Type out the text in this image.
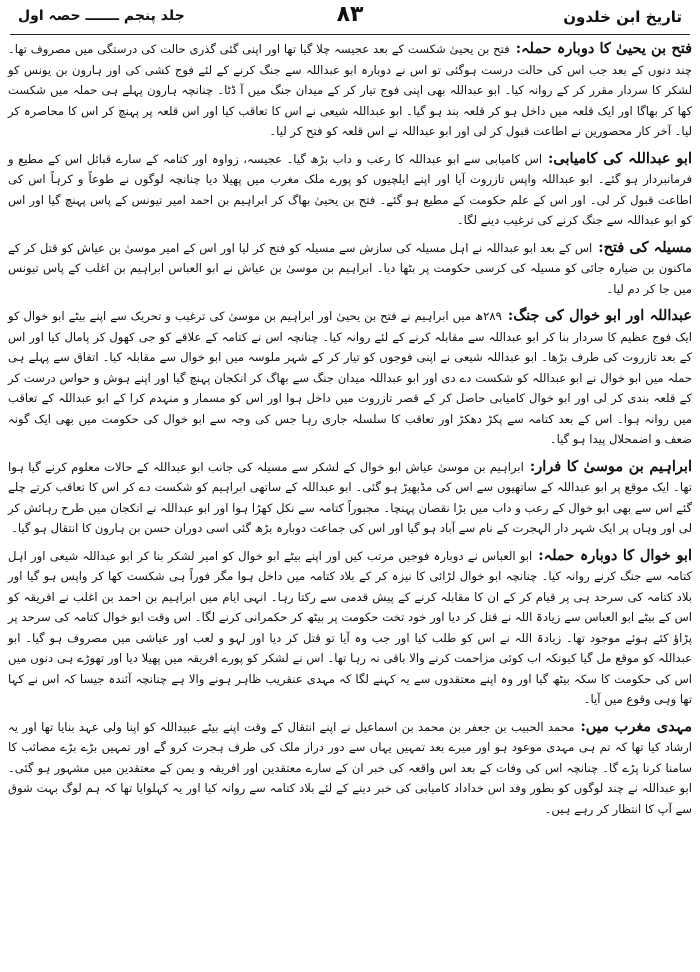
تاریخ ابن خلدون
۸۳
جلد پنجم ـــــــ حصہ اول

فتح بن یحییٰ کا دوبارہ حملہ:فتح بن یحییٰ شکست کے بعد عجیسہ چلا گیا تھا اور اپنی گئی گذری حالت کی درستگی میں مصروف تھا۔ چند دنوں کے بعد جب اس کی حالت درست ہوگئی تو اس نے دوبارہ ابو عبداللہ سے جنگ کرنے کے لئے فوج کشی کی اور ہارون بن یونس کو لشکر کا سردار مقرر کر کے روانہ کیا۔ ابو عبداللہ بھی اپنی فوج تیار کر کے میدان جنگ میں آ ڈٹا۔ چنانچہ ہارون پہلے ہی حملہ میں شکست کھا کر بھاگا اور ایک قلعہ میں داخل ہو کر قلعہ بند ہو گیا۔ ابو عبداللہ شیعی نے اس کا تعاقب کیا اور اس قلعہ پر پہنچ کر اس کا محاصرہ کر لیا۔ آخر کار محصورین نے اطاعت قبول کر لی اور ابو عبداللہ نے اس قلعہ کو فتح کر لیا۔

ابو عبداللہ کی کامیابی:اس کامیابی سے ابو عبداللہ کا رعب و داب بڑھ گیا۔ عجیسہ، زواوہ اور کتامہ کے سارے قبائل اس کے مطیع و فرمانبردار ہو گئے۔ ابو عبداللہ واپس تازروت آیا اور اپنے ایلچیوں کو پورے ملک مغرب میں پھیلا دیا چنانچہ لوگوں نے طوعاً و کرہاً اس کی اطاعت قبول کر لی۔ اور اس کے علم حکومت کے مطیع ہو گئے۔ فتح بن یحییٰ بھاگ کر ابراہیم بن احمد امیر تیونس کے پاس پہنچ گیا اور اس کو ابو عبداللہ سے جنگ کرنے کی ترغیب دینے لگا۔

مسیلہ کی فتح:اس کے بعد ابو عبداللہ نے اہل مسیلہ کی سازش سے مسیلہ کو فتح کر لیا اور اس کے امیر موسیٰ بن عیاش کو قتل کر کے ماکنون بن ضیارہ جائی کو مسیلہ کی کرسی حکومت پر بٹھا دیا۔ ابراہیم بن موسیٰ بن عیاش نے ابو العباس ابراہیم بن اغلب کے پاس تیونس میں جا کر دم لیا۔

عبداللہ اور ابو خوال کی جنگ:۲۸۹ھ میں ابراہیم نے فتح بن یحییٰ اور ابراہیم بن موسیٰ کی ترغیب و تحریک سے اپنے بیٹے ابو خوال کو ایک فوج عظیم کا سردار بنا کر ابو عبداللہ سے مقابلہ کرنے کے لئے روانہ کیا۔ چنانچہ اس نے کتامہ کے علاقے کو جی کھول کر پامال کیا اور اس کے بعد تازروت کی طرف بڑھا۔ ابو عبداللہ شیعی نے اپنی فوجوں کو تیار کر کے شہر ملوسہ میں ابو خوال سے مقابلہ کیا۔ اتفاق سے پہلے ہی حملہ میں ابو خوال نے ابو عبداللہ کو شکست دے دی اور ابو عبداللہ میدان جنگ سے بھاگ کر انکجان پہنچ گیا اور اپنے ہوش و حواس درست کر کے قلعہ بندی کر لی اور ابو خوال کامیابی حاصل کر کے قصر تازروت میں داخل ہوا اور اس کو مسمار و منہدم کرا کے ابو عبداللہ کے تعاقب میں روانہ ہوا۔ اس کے بعد کتامہ سے پکڑ دھکڑ اور تعاقب کا سلسلہ جاری رہا جس کی وجہ سے ابو خوال کی حکومت میں بھی ایک گونہ ضعف و اضمحلال پیدا ہو گیا۔

ابراہیم بن موسیٰ کا فرار:ابراہیم بن موسیٰ عیاش ابو خوال کے لشکر سے مسیلہ کی جانب ابو عبداللہ کے حالات معلوم کرنے گیا ہوا تھا۔ ایک موقع پر ابو عبداللہ کے ساتھیوں سے اس کی مڈبھیڑ ہو گئی۔ ابو عبداللہ کے ساتھی ابراہیم کو شکست دے کر اس کا تعاقب کرتے چلے گئے اس سے بھی ابو خوال کے رعب و داب میں بڑا نقصان پہنچا۔ مجبوراً کتامہ سے نکل کھڑا ہوا اور ابو عبداللہ نے انکجان میں طرح رہائش کر لی اور وہاں پر ایک شہر دار الہجرت کے نام سے آباد ہو گیا اور اس کی جماعت دوبارہ بڑھ گئی اسی دوران حسن بن ہارون کا انتقال ہو گیا۔

ابو خوال کا دوبارہ حملہ:ابو العباس نے دوبارہ فوجیں مرتب کیں اور اپنے بیٹے ابو خوال کو امیر لشکر بنا کر ابو عبداللہ شیعی اور اہل کتامہ سے جنگ کرنے روانہ کیا۔ چنانچہ ابو خوال لڑائی کا نیزہ کر کے بلاد کتامہ میں داخل ہوا مگر فوراً ہی شکست کھا کر واپس ہو گیا اور بلاد کتامہ کی سرحد ہی پر قیام کر کے ان کا مقابلہ کرنے کے پیش قدمی سے رکتا رہا۔ انہی ایام میں ابراہیم بن احمد بن اغلب نے افریقہ کو اس کے بیٹے ابو العباس سے زیادۃ اللہ نے قتل کر دیا اور خود تخت حکومت پر بیٹھ کر حکمرانی کرنے لگا۔ اس وقت ابو خوال کتامہ کی سرحد پر پڑاؤ کئے ہوئے موجود تھا۔ زیادۃ اللہ نے اس کو طلب کیا اور جب وہ آیا تو قتل کر دیا اور لہو و لعب اور عیاشی میں مصروف ہو گیا۔ ابو عبداللہ کو موقع مل گیا کیونکہ اب کوئی مزاحمت کرنے والا باقی نہ رہا تھا۔ اس نے لشکر کو پورے افریقہ میں پھیلا دیا اور تھوڑے ہی دنوں میں اس کی حکومت کا سکہ بیٹھ گیا اور وہ اپنے معتقدوں سے یہ کہنے لگا کہ مہدی عنقریب ظاہر ہونے والا ہے چنانچہ آئندہ جیسا کہ اس نے کہا تھا وہی وقوع میں آیا۔

مہدی مغرب میں:محمد الحبیب بن جعفر بن محمد بن اسماعیل نے اپنے انتقال کے وقت اپنے بیٹے عبیداللہ کو اپنا ولی عہد بنایا تھا اور یہ ارشاد کیا تھا کہ تم ہی مہدی موعود ہو اور میرے بعد تمہیں یہاں سے دور دراز ملک کی طرف ہجرت کرو گے اور تمہیں بڑے بڑے مصائب کا سامنا کرنا پڑے گا۔ چنانچہ اس کی وفات کے بعد اس واقعہ کی خبر ان کے سارے معتقدین اور افریقہ و یمن کے معتقدین میں مشہور ہو گئی۔ ابو عبداللہ نے چند لوگوں کو بطور وفد اس خداداد کامیابی کی خبر دینے کے لئے بلاد کتامہ سے روانہ کیا اور یہ کہلوایا تھا کہ ہم لوگ بہت شوق سے آپ کا انتظار کر رہے ہیں۔
